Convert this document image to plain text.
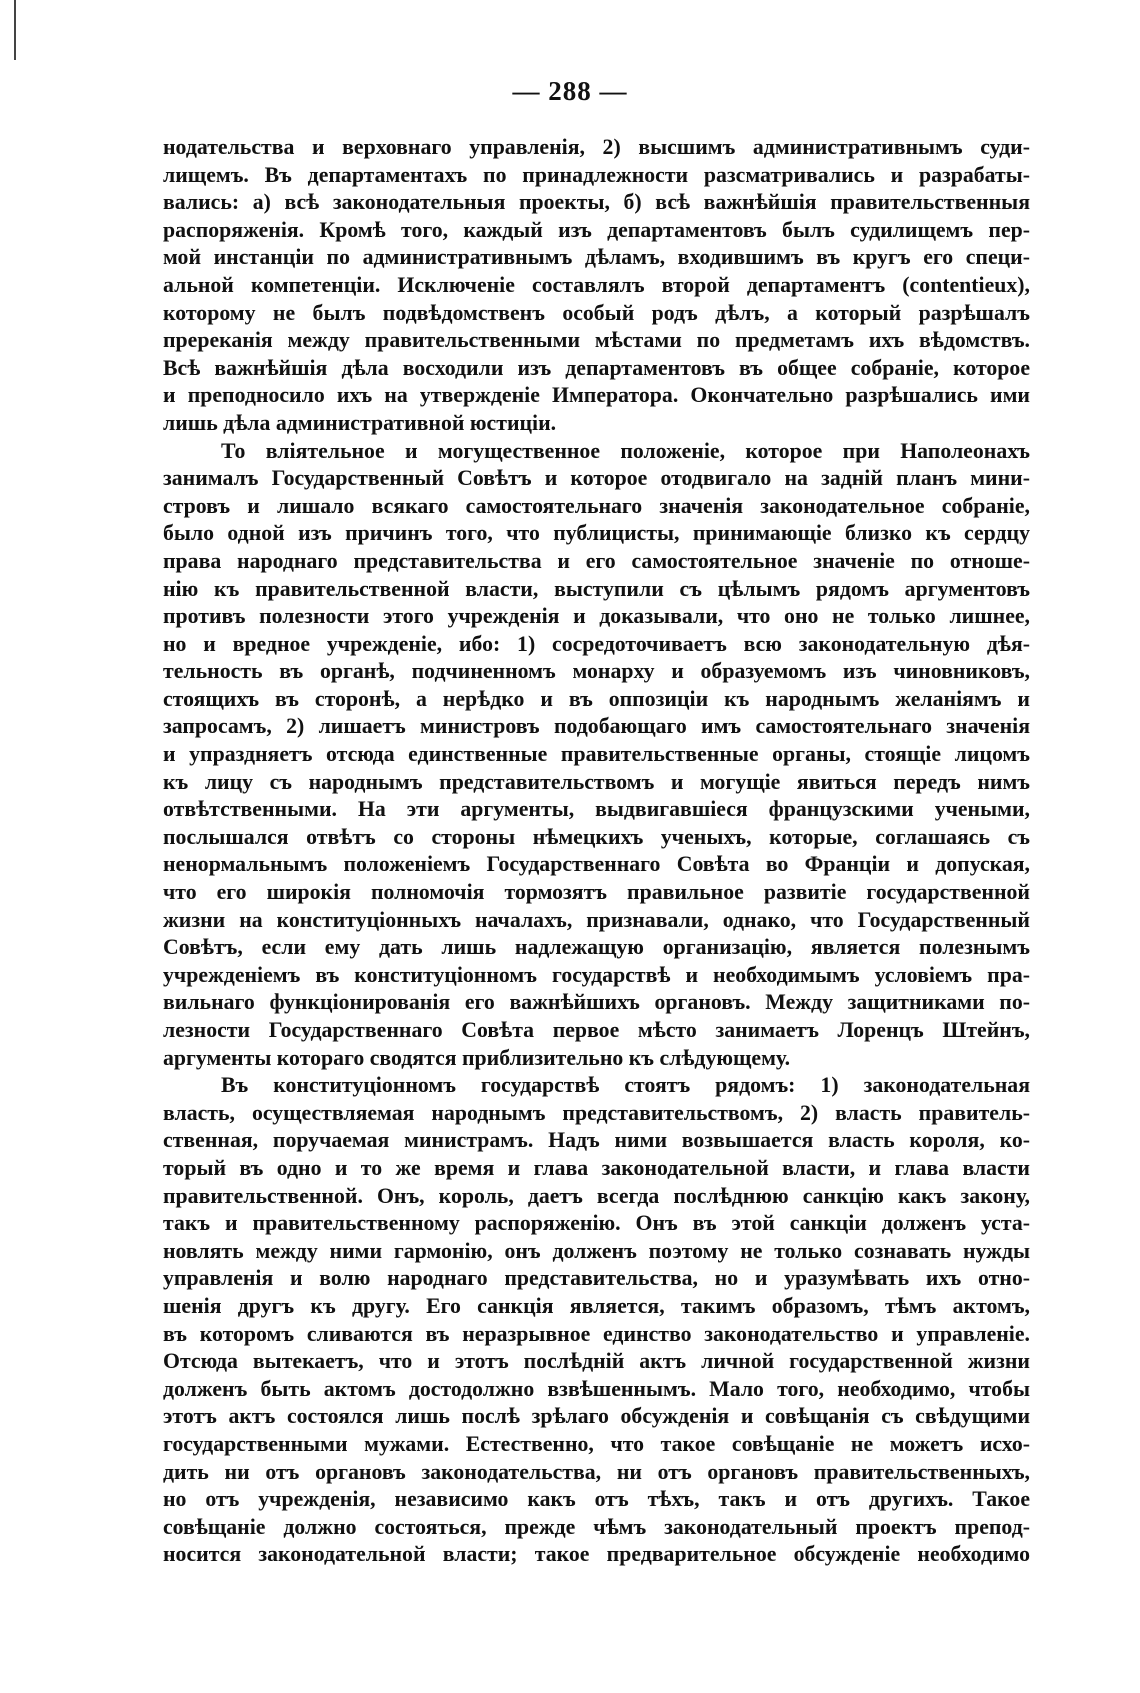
— 288 —
нодательства и верховнаго управленія, 2) высшимъ административнымъ суди-
лищемъ. Въ департаментахъ по принадлежности разсматривались и разрабаты-
вались: а) всѣ законодательныя проекты, б) всѣ важнѣйшія правительственныя
распоряженія. Кромѣ того, каждый изъ департаментовъ былъ судилищемъ пер-
мой инстанціи по административнымъ дѣламъ, входившимъ въ кругъ его специ-
альной компетенціи. Исключеніе составлялъ второй департаментъ (contentieux),
которому не былъ подвѣдомственъ особый родъ дѣлъ, а который разрѣшалъ
пререканія между правительственными мѣстами по предметамъ ихъ вѣдомствъ.
Всѣ важнѣйшія дѣла восходили изъ департаментовъ въ общее собраніе, которое
и преподносило ихъ на утвержденіе Императора. Окончательно разрѣшались ими
лишь дѣла административной юстиціи.
То вліятельное и могущественное положеніе, которое при Наполеонахъ
занималъ Государственный Совѣтъ и которое отодвигало на задній планъ мини-
стровъ и лишало всякаго самостоятельнаго значенія законодательное собраніе,
было одной изъ причинъ того, что публицисты, принимающіе близко къ сердцу
права народнаго представительства и его самостоятельное значеніе по отноше-
нію къ правительственной власти, выступили съ цѣлымъ рядомъ аргументовъ
противъ полезности этого учрежденія и доказывали, что оно не только лишнее,
но и вредное учрежденіе, ибо: 1) сосредоточиваетъ всю законодательную дѣя-
тельность въ органѣ, подчиненномъ монарху и образуемомъ изъ чиновниковъ,
стоящихъ въ сторонѣ, а нерѣдко и въ оппозиціи къ народнымъ желаніямъ и
запросамъ, 2) лишаетъ министровъ подобающаго имъ самостоятельнаго значенія
и упраздняетъ отсюда единственные правительственные органы, стоящіе лицомъ
къ лицу съ народнымъ представительствомъ и могущіе явиться передъ нимъ
отвѣтственными. На эти аргументы, выдвигавшіеся французскими учеными,
послышался отвѣтъ со стороны нѣмецкихъ ученыхъ, которые, соглашаясь съ
ненормальнымъ положеніемъ Государственнаго Совѣта во Франціи и допуская,
что его широкія полномочія тормозятъ правильное развитіе государственной
жизни на конституціонныхъ началахъ, признавали, однако, что Государственный
Совѣтъ, если ему дать лишь надлежащую организацію, является полезнымъ
учрежденіемъ въ конституціонномъ государствѣ и необходимымъ условіемъ пра-
вильнаго функціонированія его важнѣйшихъ органовъ. Между защитниками по-
лезности Государственнаго Совѣта первое мѣсто занимаетъ Лоренцъ Штейнъ,
аргументы котораго сводятся приблизительно къ слѣдующему.
Въ конституціонномъ государствѣ стоятъ рядомъ: 1) законодательная
власть, осуществляемая народнымъ представительствомъ, 2) власть правитель-
ственная, поручаемая министрамъ. Надъ ними возвышается власть короля, ко-
торый въ одно и то же время и глава законодательной власти, и глава власти
правительственной. Онъ, король, даетъ всегда послѣднюю санкцію какъ закону,
такъ и правительственному распоряженію. Онъ въ этой санкціи долженъ уста-
новлять между ними гармонію, онъ долженъ поэтому не только сознавать нужды
управленія и волю народнаго представительства, но и уразумѣвать ихъ отно-
шенія другъ къ другу. Его санкція является, такимъ образомъ, тѣмъ актомъ,
въ которомъ сливаются въ неразрывное единство законодательство и управленіе.
Отсюда вытекаетъ, что и этотъ послѣдній актъ личной государственной жизни
долженъ быть актомъ достодолжно взвѣшеннымъ. Мало того, необходимо, чтобы
этотъ актъ состоялся лишь послѣ зрѣлаго обсужденія и совѣщанія съ свѣдущими
государственными мужами. Естественно, что такое совѣщаніе не можетъ исхо-
дить ни отъ органовъ законодательства, ни отъ органовъ правительственныхъ,
но отъ учрежденія, независимо какъ отъ тѣхъ, такъ и отъ другихъ. Такое
совѣщаніе должно состояться, прежде чѣмъ законодательный проектъ препод-
носится законодательной власти; такое предварительное обсужденіе необходимо
